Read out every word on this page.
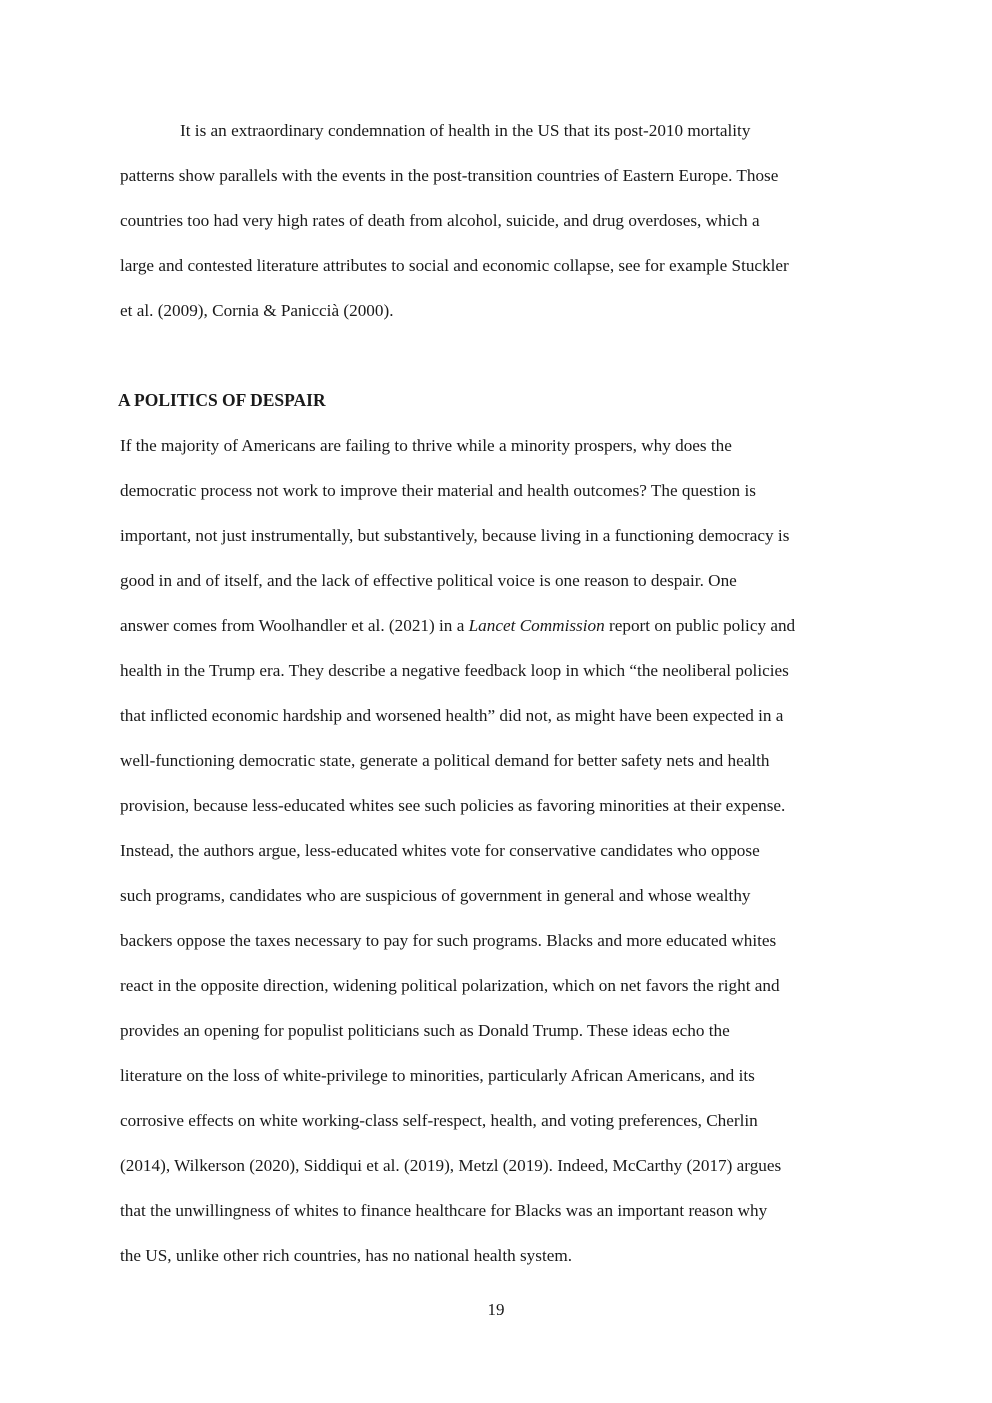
It is an extraordinary condemnation of health in the US that its post-2010 mortality
patterns show parallels with the events in the post-transition countries of Eastern Europe. Those
countries too had very high rates of death from alcohol, suicide, and drug overdoses, which a
large and contested literature attributes to social and economic collapse, see for example Stuckler
et al. (2009), Cornia & Paniccià (2000).
A POLITICS OF DESPAIR
If the majority of Americans are failing to thrive while a minority prospers, why does the
democratic process not work to improve their material and health outcomes? The question is
important, not just instrumentally, but substantively, because living in a functioning democracy is
good in and of itself, and the lack of effective political voice is one reason to despair. One
answer comes from Woolhandler et al. (2021) in a Lancet Commission report on public policy and
health in the Trump era. They describe a negative feedback loop in which “the neoliberal policies
that inflicted economic hardship and worsened health” did not, as might have been expected in a
well-functioning democratic state, generate a political demand for better safety nets and health
provision, because less-educated whites see such policies as favoring minorities at their expense.
Instead, the authors argue, less-educated whites vote for conservative candidates who oppose
such programs, candidates who are suspicious of government in general and whose wealthy
backers oppose the taxes necessary to pay for such programs. Blacks and more educated whites
react in the opposite direction, widening political polarization, which on net favors the right and
provides an opening for populist politicians such as Donald Trump. These ideas echo the
literature on the loss of white-privilege to minorities, particularly African Americans, and its
corrosive effects on white working-class self-respect, health, and voting preferences, Cherlin
(2014), Wilkerson (2020), Siddiqui et al. (2019), Metzl (2019). Indeed, McCarthy (2017) argues
that the unwillingness of whites to finance healthcare for Blacks was an important reason why
the US, unlike other rich countries, has no national health system.
19
